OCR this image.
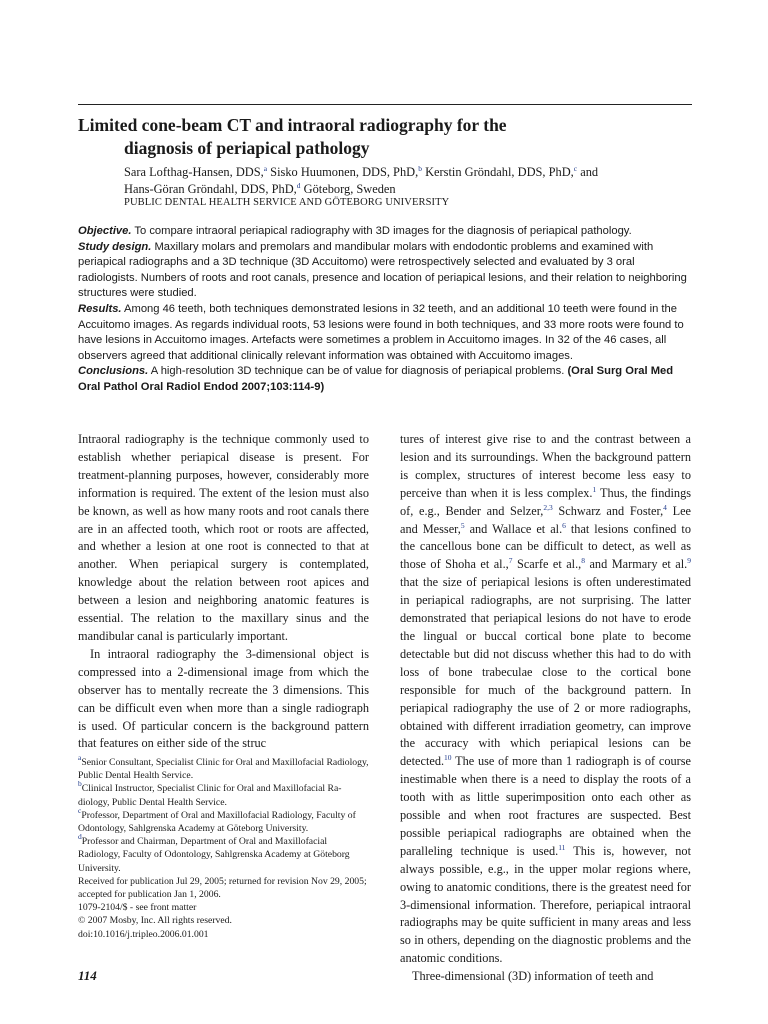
Limited cone-beam CT and intraoral radiography for the
diagnosis of periapical pathology
Sara Lofthag-Hansen, DDS,$^a$ Sisko Huumonen, DDS, PhD,$^b$ Kerstin Gröndahl, DDS, PhD,$^c$ and
Hans-Göran Gröndahl, DDS, PhD,$^d$ Göteborg, Sweden
PUBLIC DENTAL HEALTH SERVICE AND GÖTEBORG UNIVERSITY

Objective. To compare intraoral periapical radiography with 3D images for the diagnosis of periapical pathology.

Study design. Maxillary molars and premolars and mandibular molars with endodontic problems and examined with periapical radiographs and a 3D technique (3D Accuitomo) were retrospectively selected and evaluated by 3 oral radiologists. Numbers of roots and root canals, presence and location of periapical lesions, and their relation to neighboring structures were studied.

Results. Among 46 teeth, both techniques demonstrated lesions in 32 teeth, and an additional 10 teeth were found in the Accuitomo images. As regards individual roots, 53 lesions were found in both techniques, and 33 more roots were found to have lesions in Accuitomo images. Artefacts were sometimes a problem in Accuitomo images. In 32 of the 46 cases, all observers agreed that additional clinically relevant information was obtained with Accuitomo images.

Conclusions. A high-resolution 3D technique can be of value for diagnosis of periapical problems. (Oral Surg Oral Med Oral Pathol Oral Radiol Endod 2007;103:114-9)

Intraoral radiography is the technique commonly used to establish whether periapical disease is present. For treatment-planning purposes, however, considerably more information is required. The extent of the lesion must also be known, as well as how many roots and root canals there are in an affected tooth, which root or roots are affected, and whether a lesion at one root is connected to that at another. When periapical surgery is contemplated, knowledge about the relation between root apices and between a lesion and neighboring anatomic features is essential. The relation to the maxillary sinus and the mandibular canal is particularly important.

In intraoral radiography the 3-dimensional object is compressed into a 2-dimensional image from which the observer has to mentally recreate the 3 dimensions. This can be difficult even when more than a single radiograph is used. Of particular concern is the background pattern that features on either side of the struc

tures of interest give rise to and the contrast between a lesion and its surroundings. When the background pattern is complex, structures of interest become less easy to perceive than when it is less complex.$^1$ Thus, the findings of, e.g., Bender and Selzer,$^{2,3}$ Schwarz and Foster,$^4$ Lee and Messer,$^5$ and Wallace et al.$^6$ that lesions confined to the cancellous bone can be difficult to detect, as well as those of Shoha et al.,$^7$ Scarfe et al.,$^8$ and Marmary et al.$^9$ that the size of periapical lesions is often underestimated in periapical radiographs, are not surprising. The latter demonstrated that periapical lesions do not have to erode the lingual or buccal cortical bone plate to become detectable but did not discuss whether this had to do with loss of bone trabeculae close to the cortical bone responsible for much of the background pattern. In periapical radiography the use of 2 or more radiographs, obtained with different irradiation geometry, can improve the accuracy with which periapical lesions can be detected.$^{10}$ The use of more than 1 radiograph is of course inestimable when there is a need to display the roots of a tooth with as little superimposition onto each other as possible and when root fractures are suspected. Best possible periapical radiographs are obtained when the paralleling technique is used.$^{11}$ This is, however, not always possible, e.g., in the upper molar regions where, owing to anatomic conditions, there is the greatest need for 3-dimensional information. Therefore, periapical intraoral radiographs may be quite sufficient in many areas and less so in others, depending on the diagnostic problems and the anatomic conditions.

Three-dimensional (3D) information of teeth and

$^a$Senior Consultant, Specialist Clinic for Oral and Maxillofacial Radiology, Public Dental Health Service.

$^b$Clinical Instructor, Specialist Clinic for Oral and Maxillofacial Radiology, Public Dental Health Service.

$^c$Professor, Department of Oral and Maxillofacial Radiology, Faculty of Odontology, Sahlgrenska Academy at Göteborg University.

$^d$Professor and Chairman, Department of Oral and Maxillofacial Radiology, Faculty of Odontology, Sahlgrenska Academy at Göteborg University.

Received for publication Jul 29, 2005; returned for revision Nov 29, 2005; accepted for publication Jan 1, 2006.

1079-2104/$ - see front matter

© 2007 Mosby, Inc. All rights reserved.

doi:10.1016/j.tripleo.2006.01.001

114
